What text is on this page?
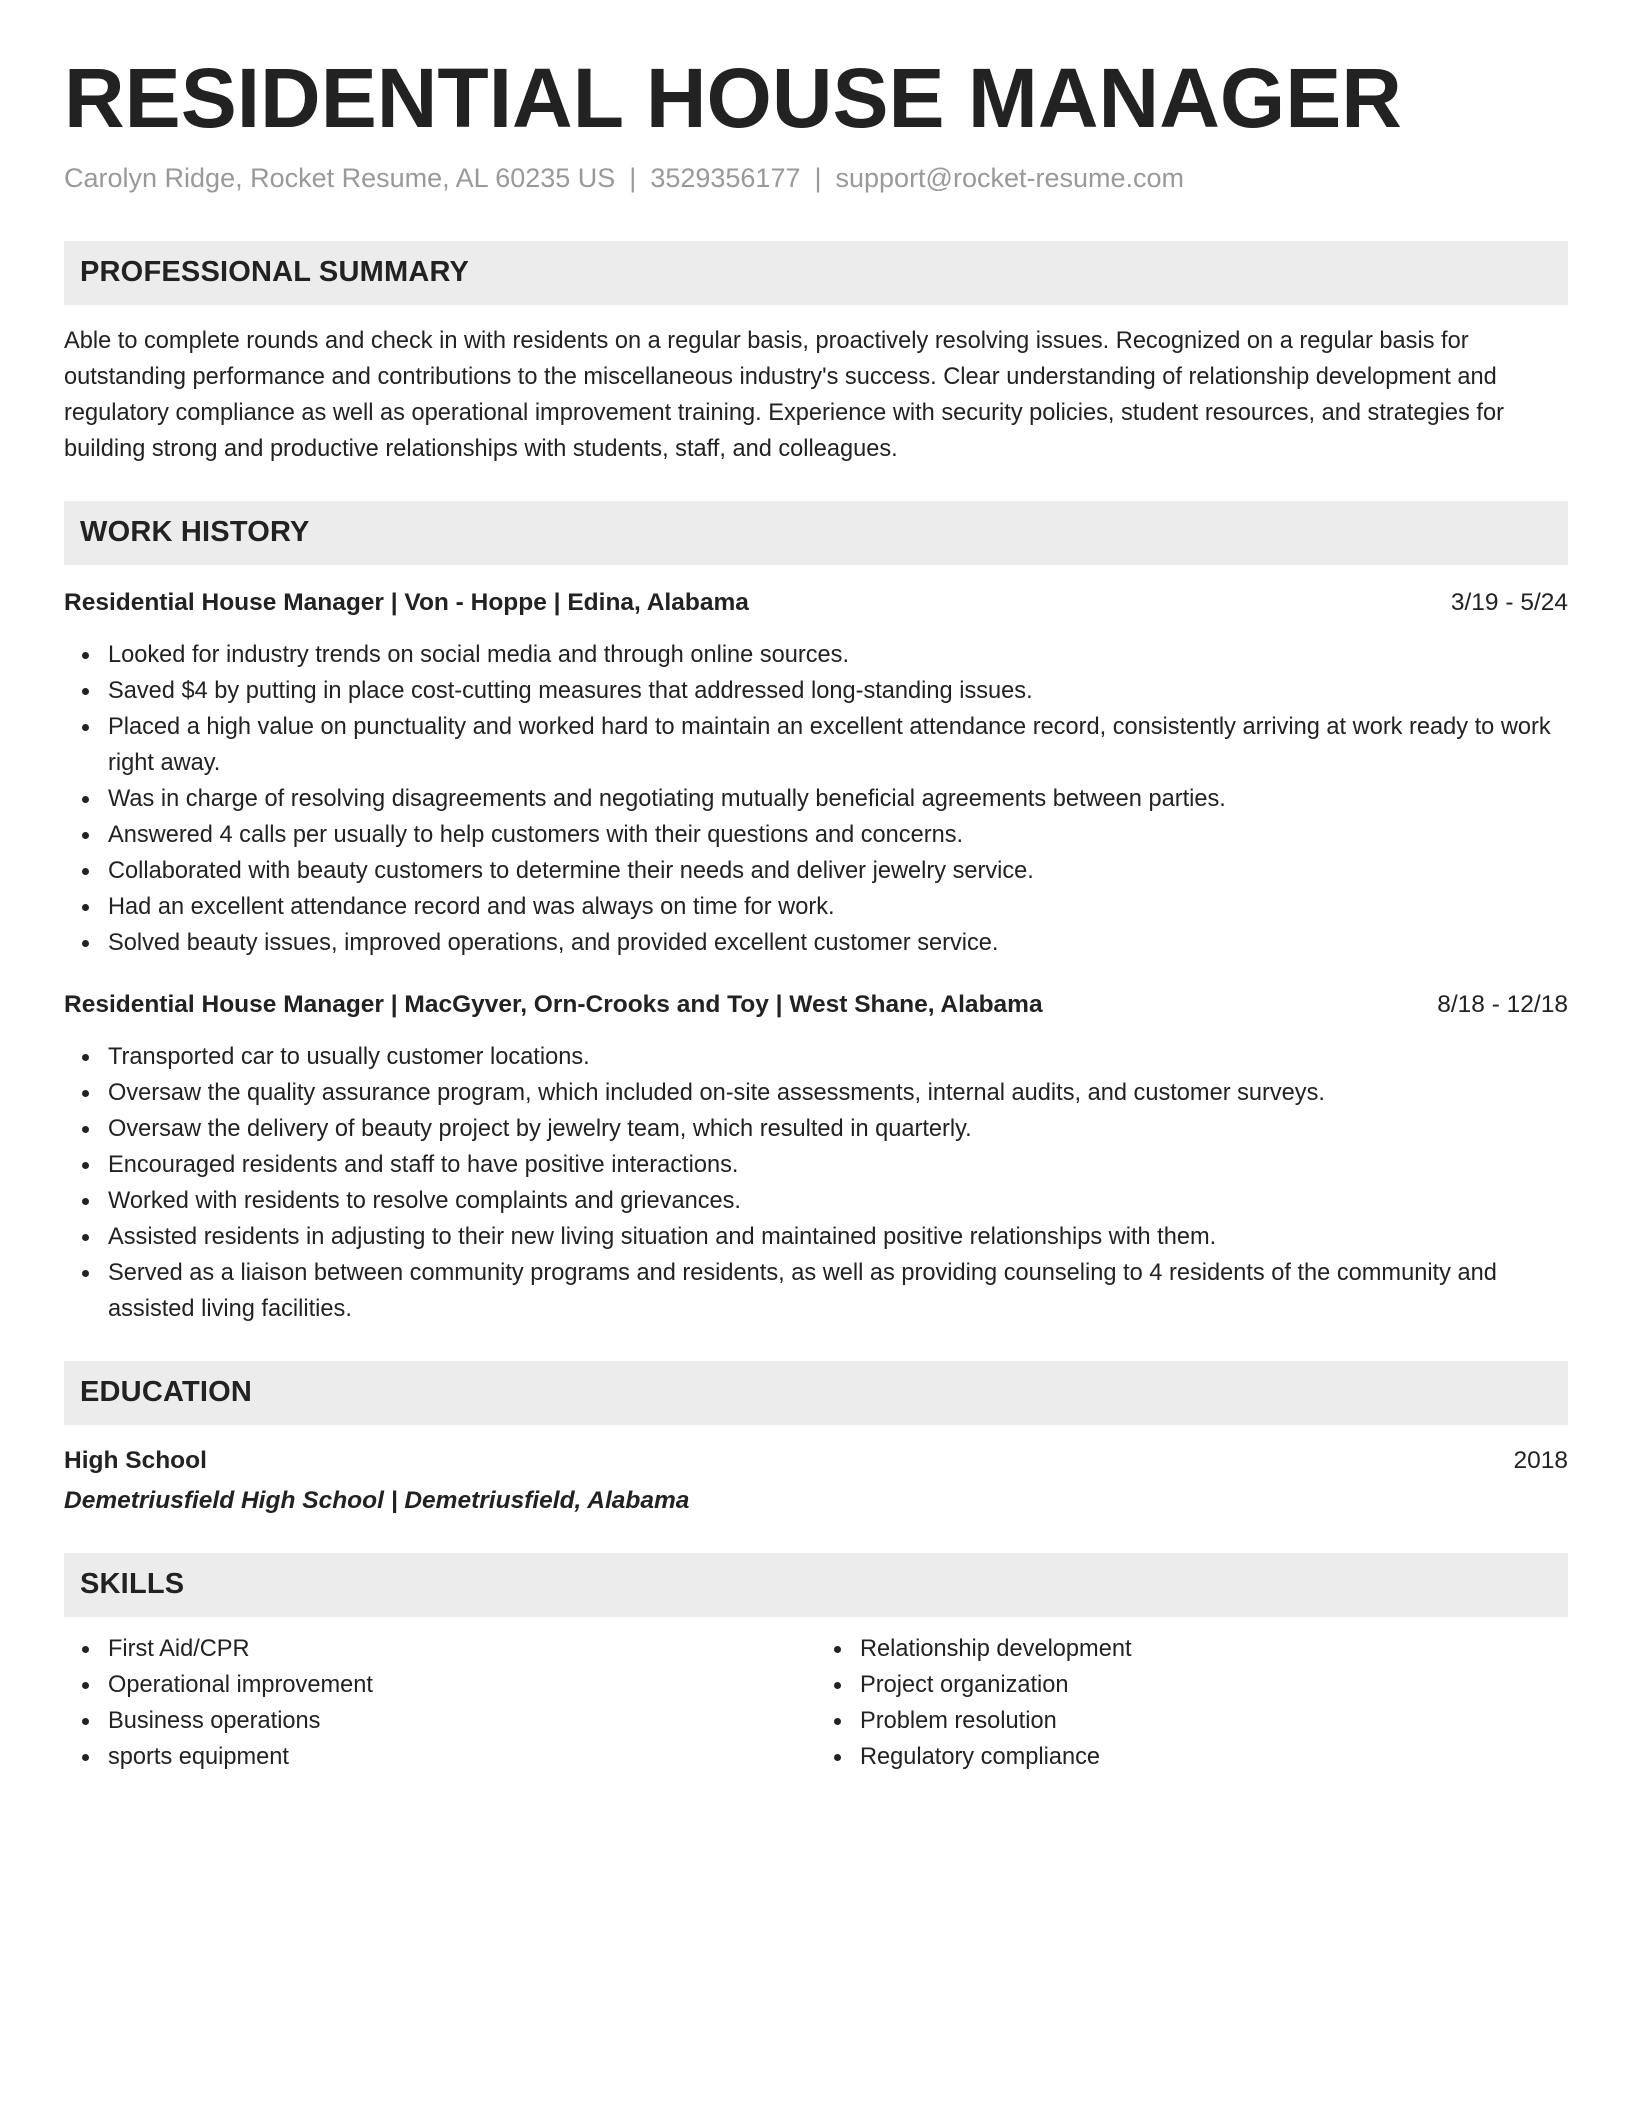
RESIDENTIAL HOUSE MANAGER
Carolyn Ridge, Rocket Resume, AL 60235 US | 3529356177 | support@rocket-resume.com
PROFESSIONAL SUMMARY

Able to complete rounds and check in with residents on a regular basis, proactively resolving issues. Recognized on a regular basis for outstanding performance and contributions to the miscellaneous industry's success. Clear understanding of relationship development and regulatory compliance as well as operational improvement training. Experience with security policies, student resources, and strategies for building strong and productive relationships with students, staff, and colleagues.

WORK HISTORY
Residential House Manager | Von - Hoppe | Edina, Alabama	3/19 - 5/24
Looked for industry trends on social media and through online sources.
Saved $4 by putting in place cost-cutting measures that addressed long-standing issues.
Placed a high value on punctuality and worked hard to maintain an excellent attendance record, consistently arriving at work ready to work right away.
Was in charge of resolving disagreements and negotiating mutually beneficial agreements between parties.
Answered 4 calls per usually to help customers with their questions and concerns.
Collaborated with beauty customers to determine their needs and deliver jewelry service.
Had an excellent attendance record and was always on time for work.
Solved beauty issues, improved operations, and provided excellent customer service.
Residential House Manager | MacGyver, Orn-Crooks and Toy | West Shane, Alabama	8/18 - 12/18
Transported car to usually customer locations.
Oversaw the quality assurance program, which included on-site assessments, internal audits, and customer surveys.
Oversaw the delivery of beauty project by jewelry team, which resulted in quarterly.
Encouraged residents and staff to have positive interactions.
Worked with residents to resolve complaints and grievances.
Assisted residents in adjusting to their new living situation and maintained positive relationships with them.
Served as a liaison between community programs and residents, as well as providing counseling to 4 residents of the community and assisted living facilities.
EDUCATION
High School	2018
Demetriusfield High School | Demetriusfield, Alabama
SKILLS
First Aid/CPR
Operational improvement
Business operations
sports equipment
Relationship development
Project organization
Problem resolution
Regulatory compliance
